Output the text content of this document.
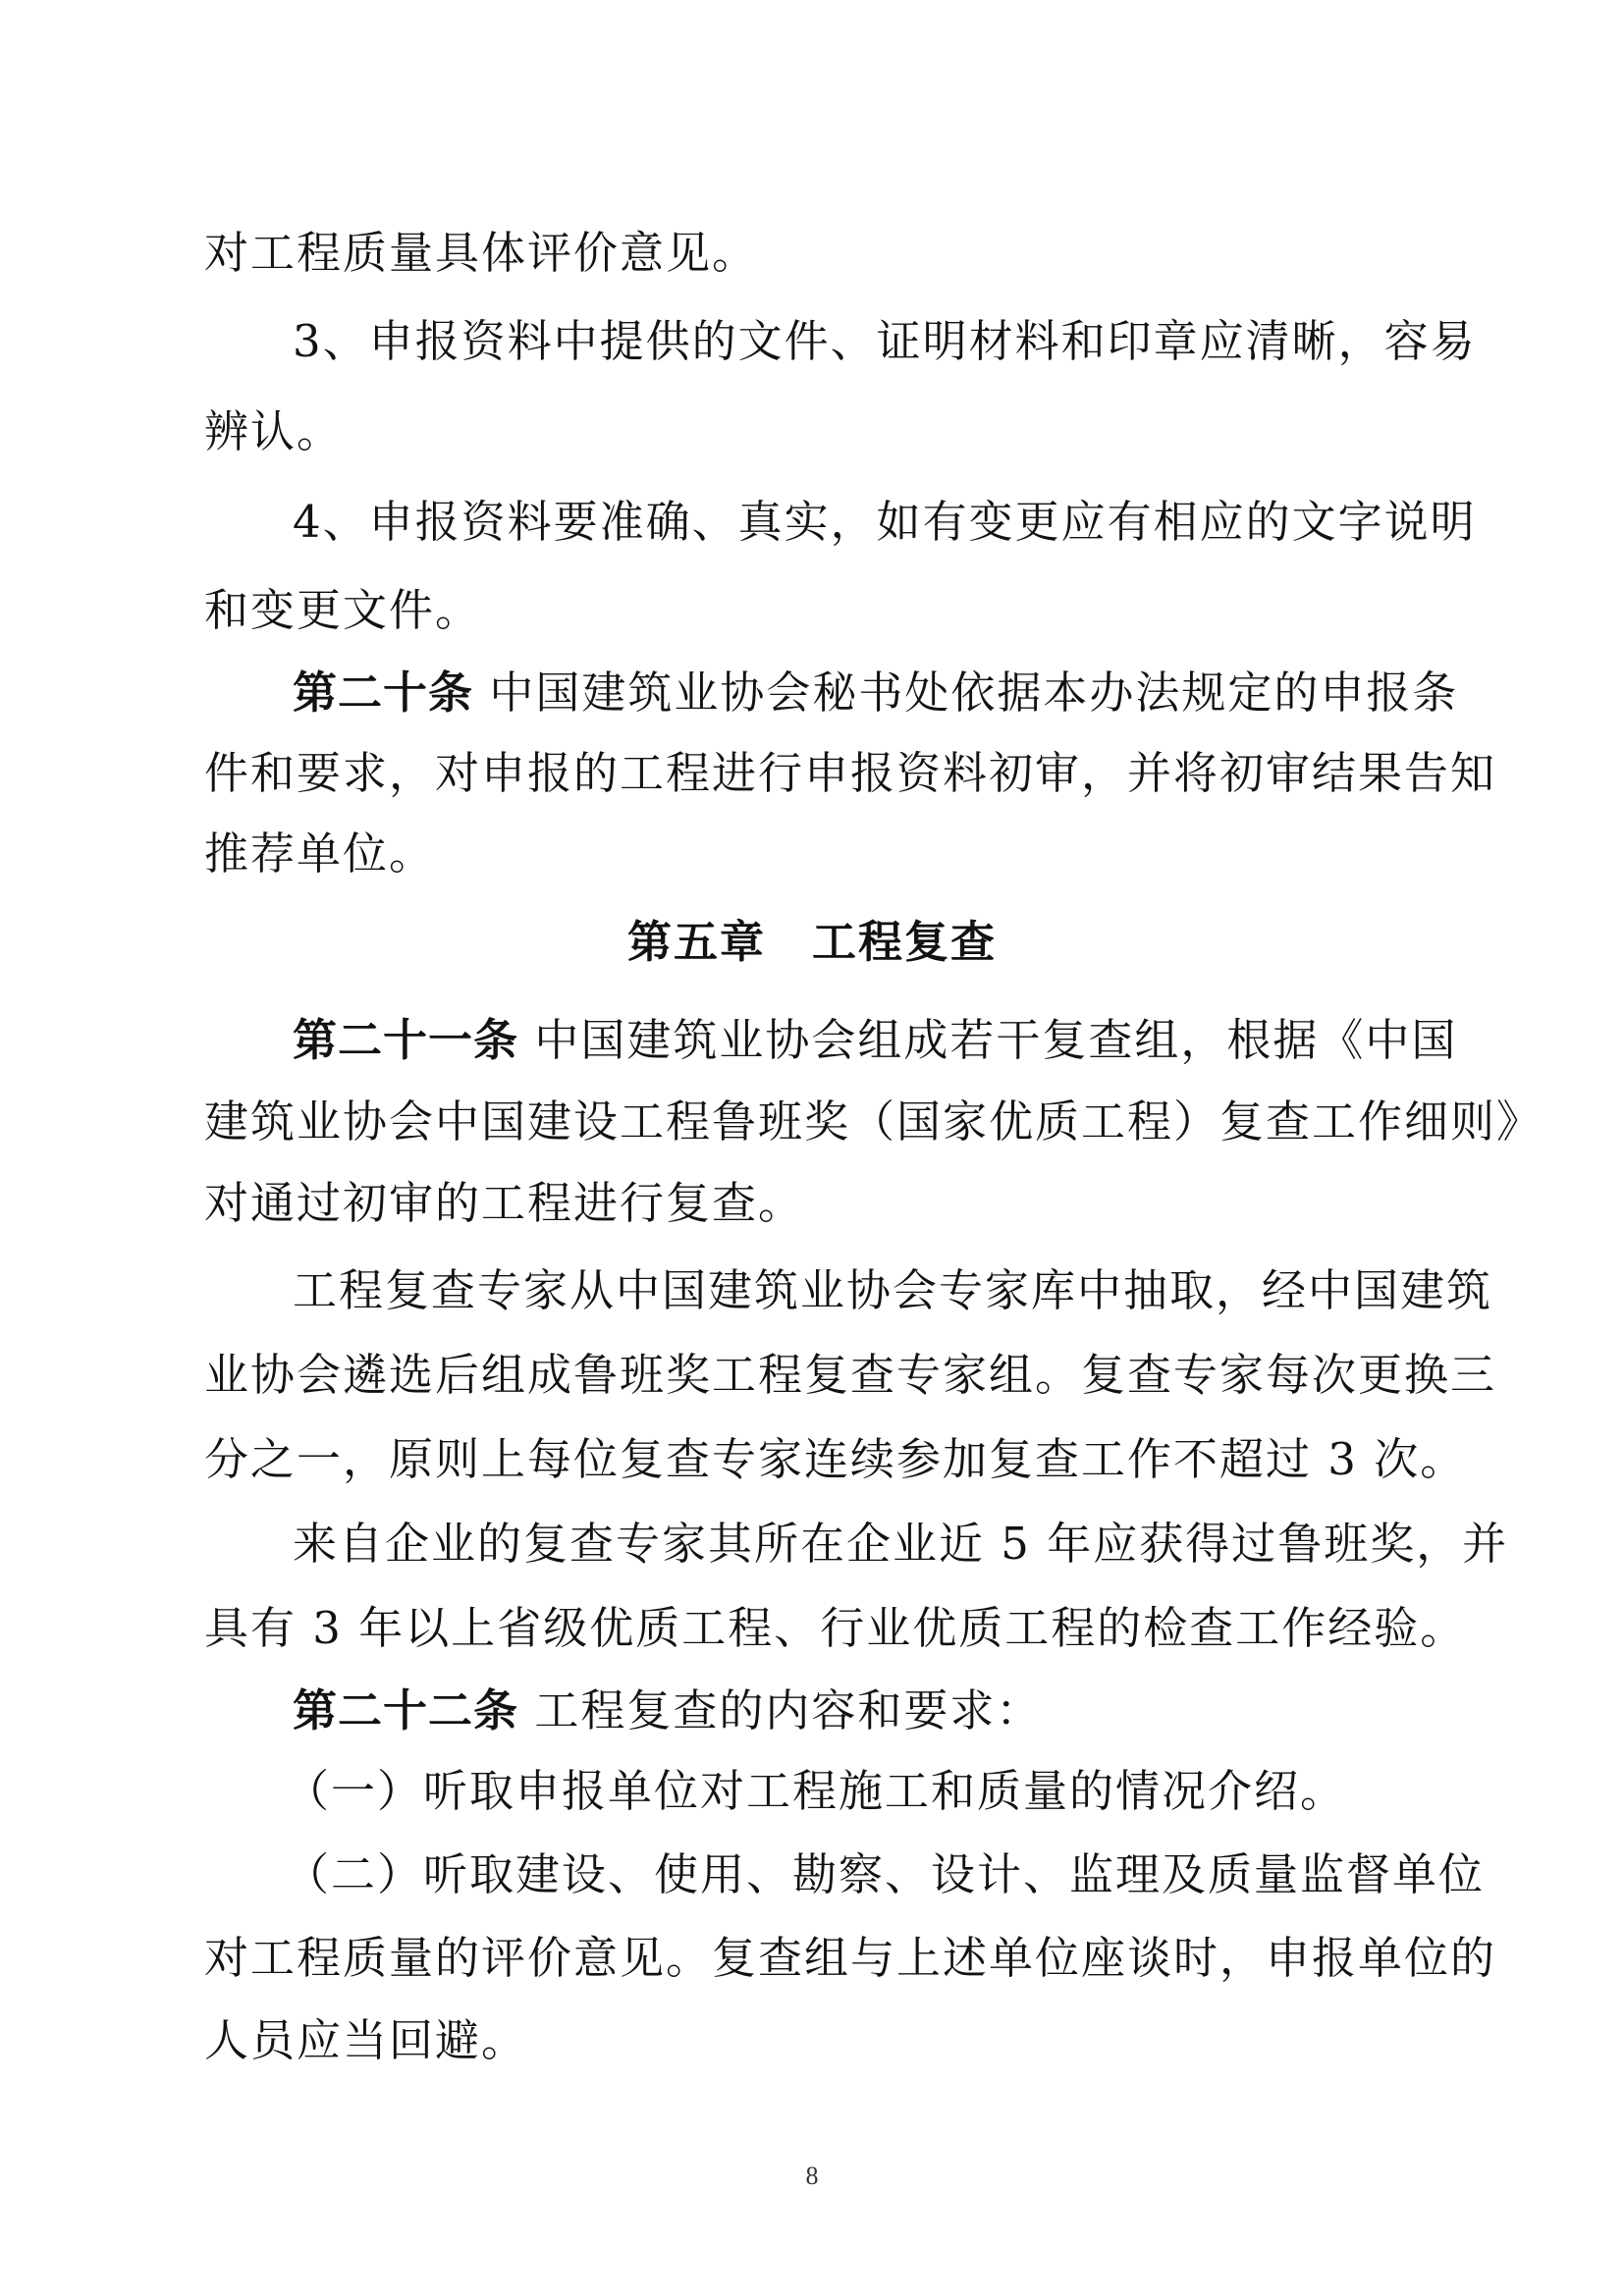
对工程质量具体评价意见。
3、申报资料中提供的文件、证明材料和印章应清晰，容易
辨认。
4、申报资料要准确、真实，如有变更应有相应的文字说明
和变更文件。
第二十条 中国建筑业协会秘书处依据本办法规定的申报条
件和要求，对申报的工程进行申报资料初审，并将初审结果告知
推荐单位。
第五章　工程复查
第二十一条 中国建筑业协会组成若干复查组，根据《中国
建筑业协会中国建设工程鲁班奖（国家优质工程）复查工作细则》
对通过初审的工程进行复查。
工程复查专家从中国建筑业协会专家库中抽取，经中国建筑
业协会遴选后组成鲁班奖工程复查专家组。复查专家每次更换三
分之一，原则上每位复查专家连续参加复查工作不超过 3 次。
来自企业的复查专家其所在企业近 5 年应获得过鲁班奖，并
具有 3 年以上省级优质工程、行业优质工程的检查工作经验。
第二十二条 工程复查的内容和要求：
（一）听取申报单位对工程施工和质量的情况介绍。
（二）听取建设、使用、勘察、设计、监理及质量监督单位
对工程质量的评价意见。复查组与上述单位座谈时，申报单位的
人员应当回避。
8
